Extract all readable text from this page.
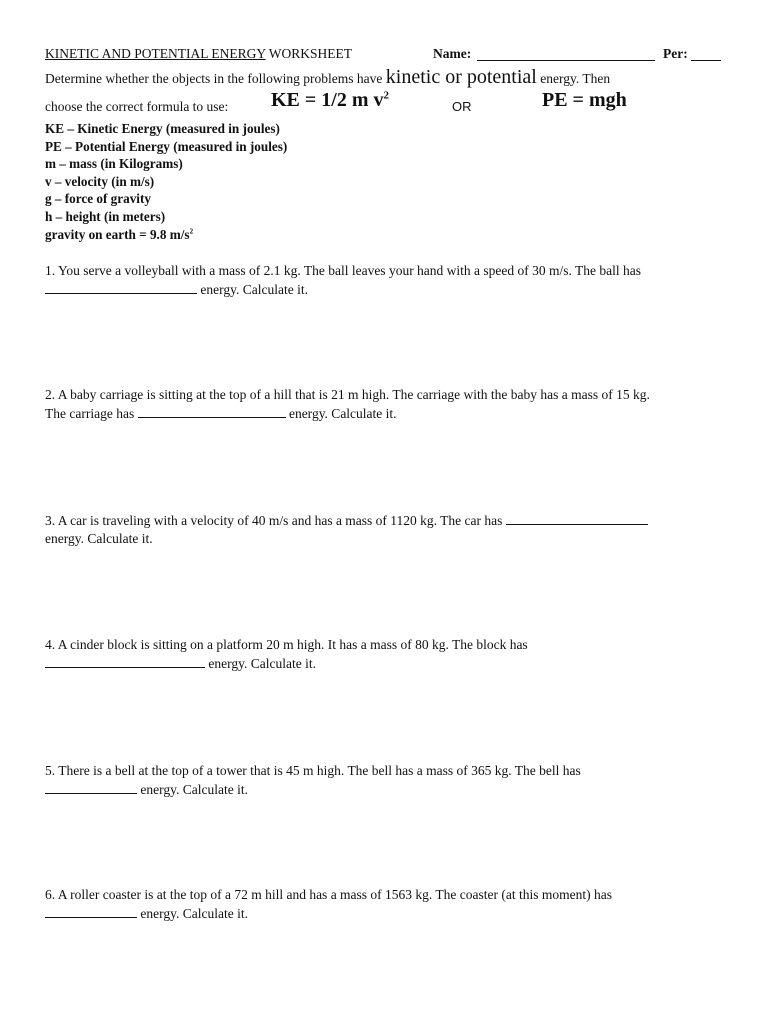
KINETIC AND POTENTIAL ENERGY WORKSHEET	Name:	Per:
Determine whether the objects in the following problems have kinetic or potential energy. Then
choose the correct formula to use: KE = 1/2 m $v^2$
OR	PE = mgh
KE – Kinetic Energy (measured in joules)
PE – Potential Energy (measured in joules)
m – mass (in Kilograms)
v – velocity (in m/s)
g – force of gravity
h – height (in meters)
gravity on earth = 9.8 $m/s^2$
1. You serve a volleyball with a mass of 2.1 kg. The ball leaves your hand with a speed of 30 m/s. The ball has
energy. Calculate it.
2. A baby carriage is sitting at the top of a hill that is 21 m high. The carriage with the baby has a mass of 15 kg.
The carriage has	energy. Calculate it.
3. A car is traveling with a velocity of 40 m/s and has a mass of 1120 kg. The car has
energy. Calculate it.
4. A cinder block is sitting on a platform 20 m high. It has a mass of 80 kg. The block has
energy. Calculate it.
5. There is a bell at the top of a tower that is 45 m high. The bell has a mass of 365 kg. The bell has
energy. Calculate it.
6. A roller coaster is at the top of a 72 m hill and has a mass of 1563 kg. The coaster (at this moment) has
energy. Calculate it.
